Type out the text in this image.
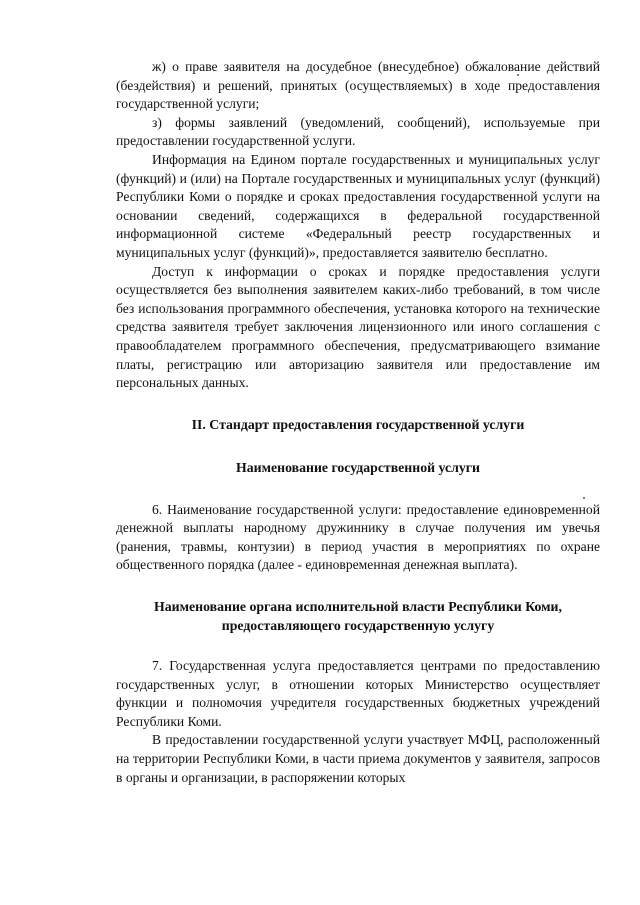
ж) о праве заявителя на досудебное (внесудебное) обжалование действий (бездействия) и решений, принятых (осуществляемых) в ходе предоставления государственной услуги;

з) формы заявлений (уведомлений, сообщений), используемые при предоставлении государственной услуги.

Информация на Едином портале государственных и муниципальных услуг (функций) и (или) на Портале государственных и муниципальных услуг (функций) Республики Коми о порядке и сроках предоставления государственной услуги на основании сведений, содержащихся в федеральной государственной информационной системе «Федеральный реестр государственных и муниципальных услуг (функций)», предоставляется заявителю бесплатно.

Доступ к информации о сроках и порядке предоставления услуги осуществляется без выполнения заявителем каких-либо требований, в том числе без использования программного обеспечения, установка которого на технические средства заявителя требует заключения лицензионного или иного соглашения с правообладателем программного обеспечения, предусматривающего взимание платы, регистрацию или авторизацию заявителя или предоставление им персональных данных.

II. Стандарт предоставления государственной услуги

Наименование государственной услуги

6. Наименование государственной услуги: предоставление единовременной денежной выплаты народному дружиннику в случае получения им увечья (ранения, травмы, контузии) в период участия в мероприятиях по охране общественного порядка (далее - единовременная денежная выплата).

Наименование органа исполнительной власти Республики Коми,

предоставляющего государственную услугу

7. Государственная услуга предоставляется центрами по предоставлению государственных услуг, в отношении которых Министерство осуществляет функции и полномочия учредителя государственных бюджетных учреждений Республики Коми.

В предоставлении государственной услуги участвует МФЦ, расположенный на территории Республики Коми, в части приема документов у заявителя, запросов в органы и организации, в распоряжении которых
